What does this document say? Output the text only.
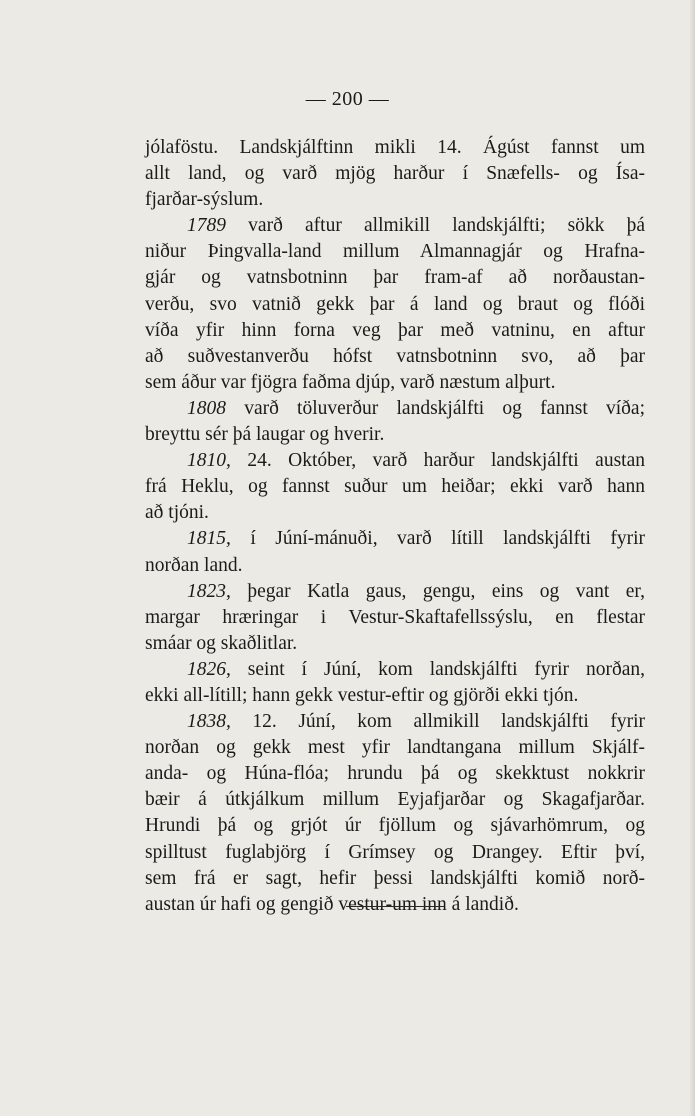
— 200 —
jólaföstu. Landskjálftinn mikli 14. Ágúst fannst um
allt land, og varð mjög harður í Snæfells- og Ísa-
fjarðar-sýslum.
1789 varð aftur allmikill landskjálfti; sökk þá
niður Þingvalla-land millum Almannagjár og Hrafna-
gjár og vatnsbotninn þar fram-af að norðaustan-
verðu, svo vatnið gekk þar á land og braut og flóði
víða yfir hinn forna veg þar með vatninu, en aftur
að suðvestanverðu hófst vatnsbotninn svo, að þar
sem áður var fjögra faðma djúp, varð næstum alþurt.
1808 varð töluverður landskjálfti og fannst víða;
breyttu sér þá laugar og hverir.
1810, 24. Október, varð harður landskjálfti austan
frá Heklu, og fannst suður um heiðar; ekki varð hann
að tjóni.
1815, í Júní-mánuði, varð lítill landskjálfti fyrir
norðan land.
1823, þegar Katla gaus, gengu, eins og vant er,
margar hræringar i Vestur-Skaftafellssýslu, en flestar
smáar og skaðlitlar.
1826, seint í Júní, kom landskjálfti fyrir norðan,
ekki all-lítill; hann gekk vestur-eftir og gjörði ekki tjón.
1838, 12. Júní, kom allmikill landskjálfti fyrir
norðan og gekk mest yfir landtangana millum Skjálf-
anda- og Húna-flóa; hrundu þá og skekktust nokkrir
bæir á útkjálkum millum Eyjafjarðar og Skagafjarðar.
Hrundi þá og grjót úr fjöllum og sjávarhömrum, og
spilltust fuglabjörg í Grímsey og Drangey. Eftir því,
sem frá er sagt, hefir þessi landskjálfti komið norð-
austan úr hafi og gengið vestur-um inn á landið.
